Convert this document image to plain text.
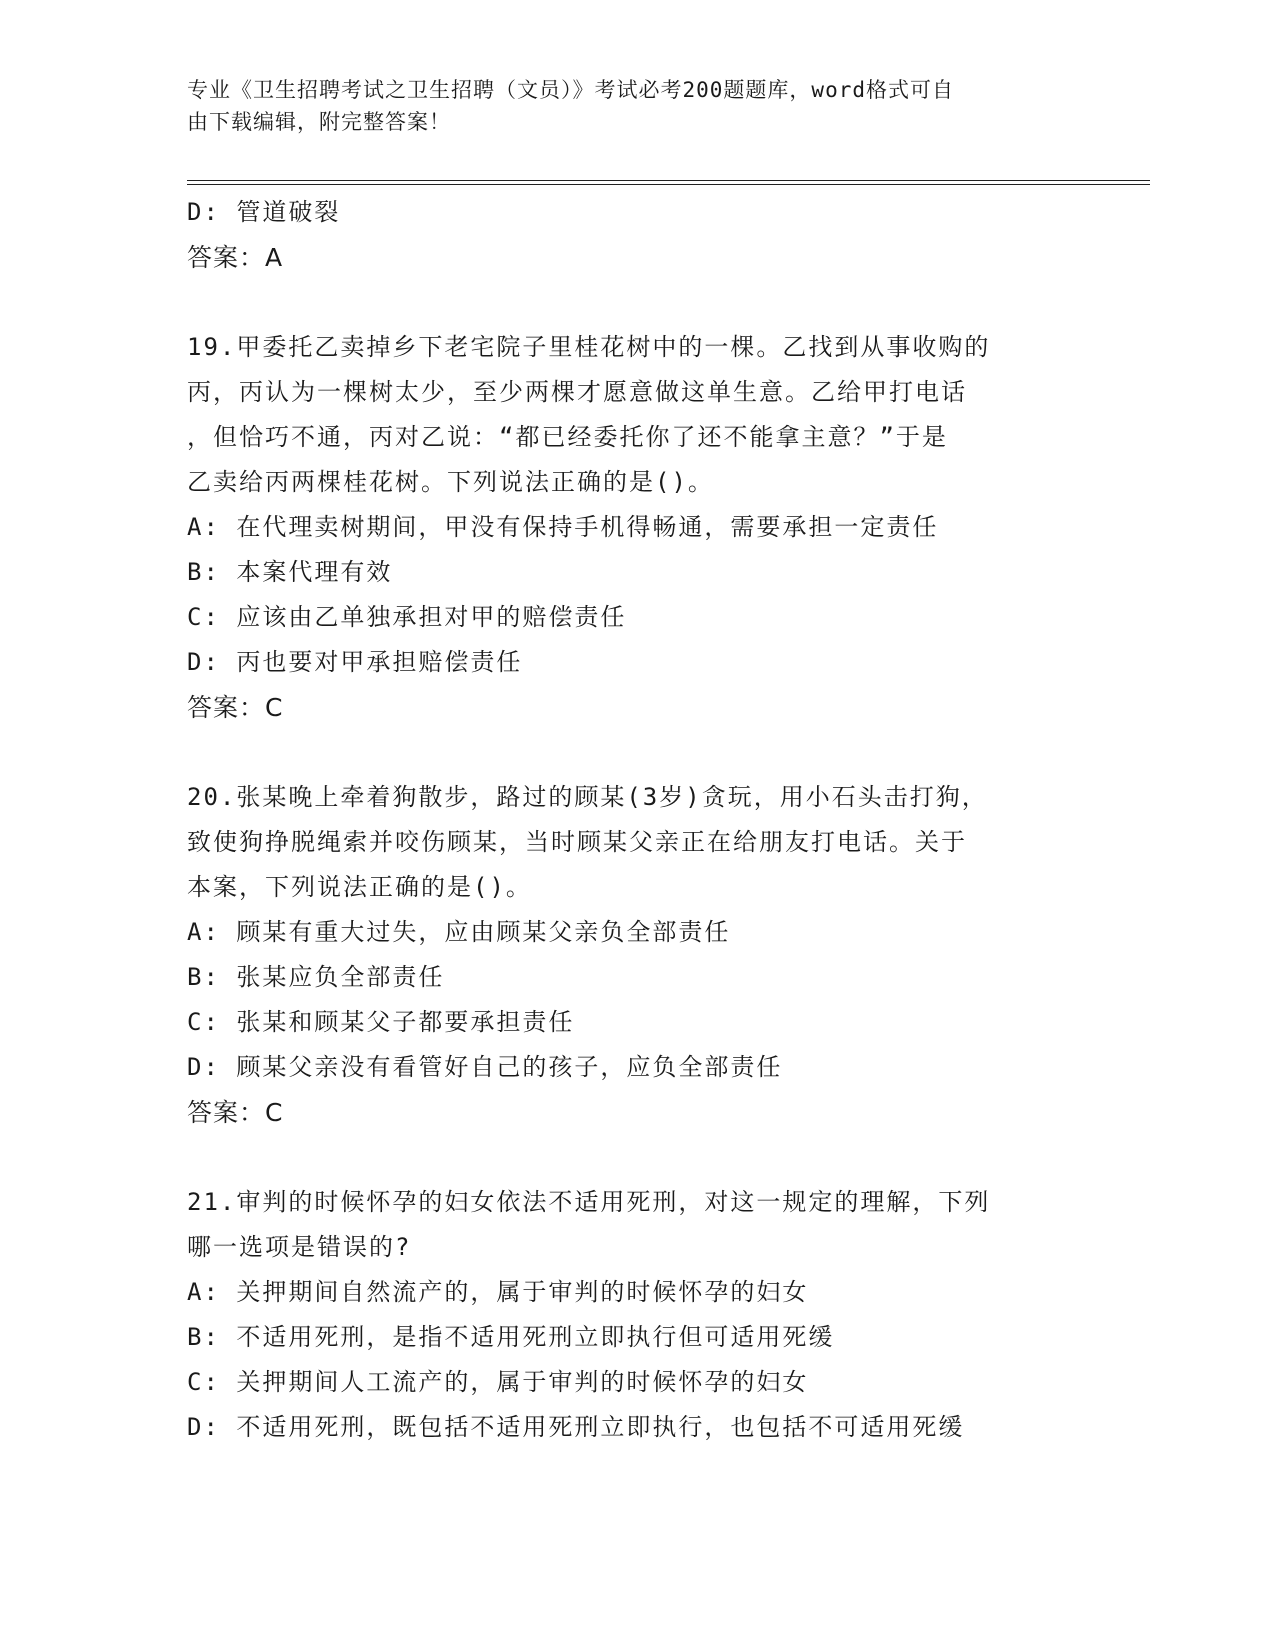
专业《卫生招聘考试之卫生招聘（文员）》考试必考200题题库，word格式可自
由下载编辑，附完整答案！
D: 管道破裂
答案：A
19.甲委托乙卖掉乡下老宅院子里桂花树中的一棵。乙找到从事收购的
丙，丙认为一棵树太少，至少两棵才愿意做这单生意。乙给甲打电话
，但恰巧不通，丙对乙说：“都已经委托你了还不能拿主意？”于是
乙卖给丙两棵桂花树。下列说法正确的是()。
A: 在代理卖树期间，甲没有保持手机得畅通，需要承担一定责任
B: 本案代理有效
C: 应该由乙单独承担对甲的赔偿责任
D: 丙也要对甲承担赔偿责任
答案：C
20.张某晚上牵着狗散步，路过的顾某(3岁)贪玩，用小石头击打狗，
致使狗挣脱绳索并咬伤顾某，当时顾某父亲正在给朋友打电话。关于
本案，下列说法正确的是()。
A: 顾某有重大过失，应由顾某父亲负全部责任
B: 张某应负全部责任
C: 张某和顾某父子都要承担责任
D: 顾某父亲没有看管好自己的孩子，应负全部责任
答案：C
21.审判的时候怀孕的妇女依法不适用死刑，对这一规定的理解，下列
哪一选项是错误的?
A: 关押期间自然流产的，属于审判的时候怀孕的妇女
B: 不适用死刑，是指不适用死刑立即执行但可适用死缓
C: 关押期间人工流产的，属于审判的时候怀孕的妇女
D: 不适用死刑，既包括不适用死刑立即执行，也包括不可适用死缓
